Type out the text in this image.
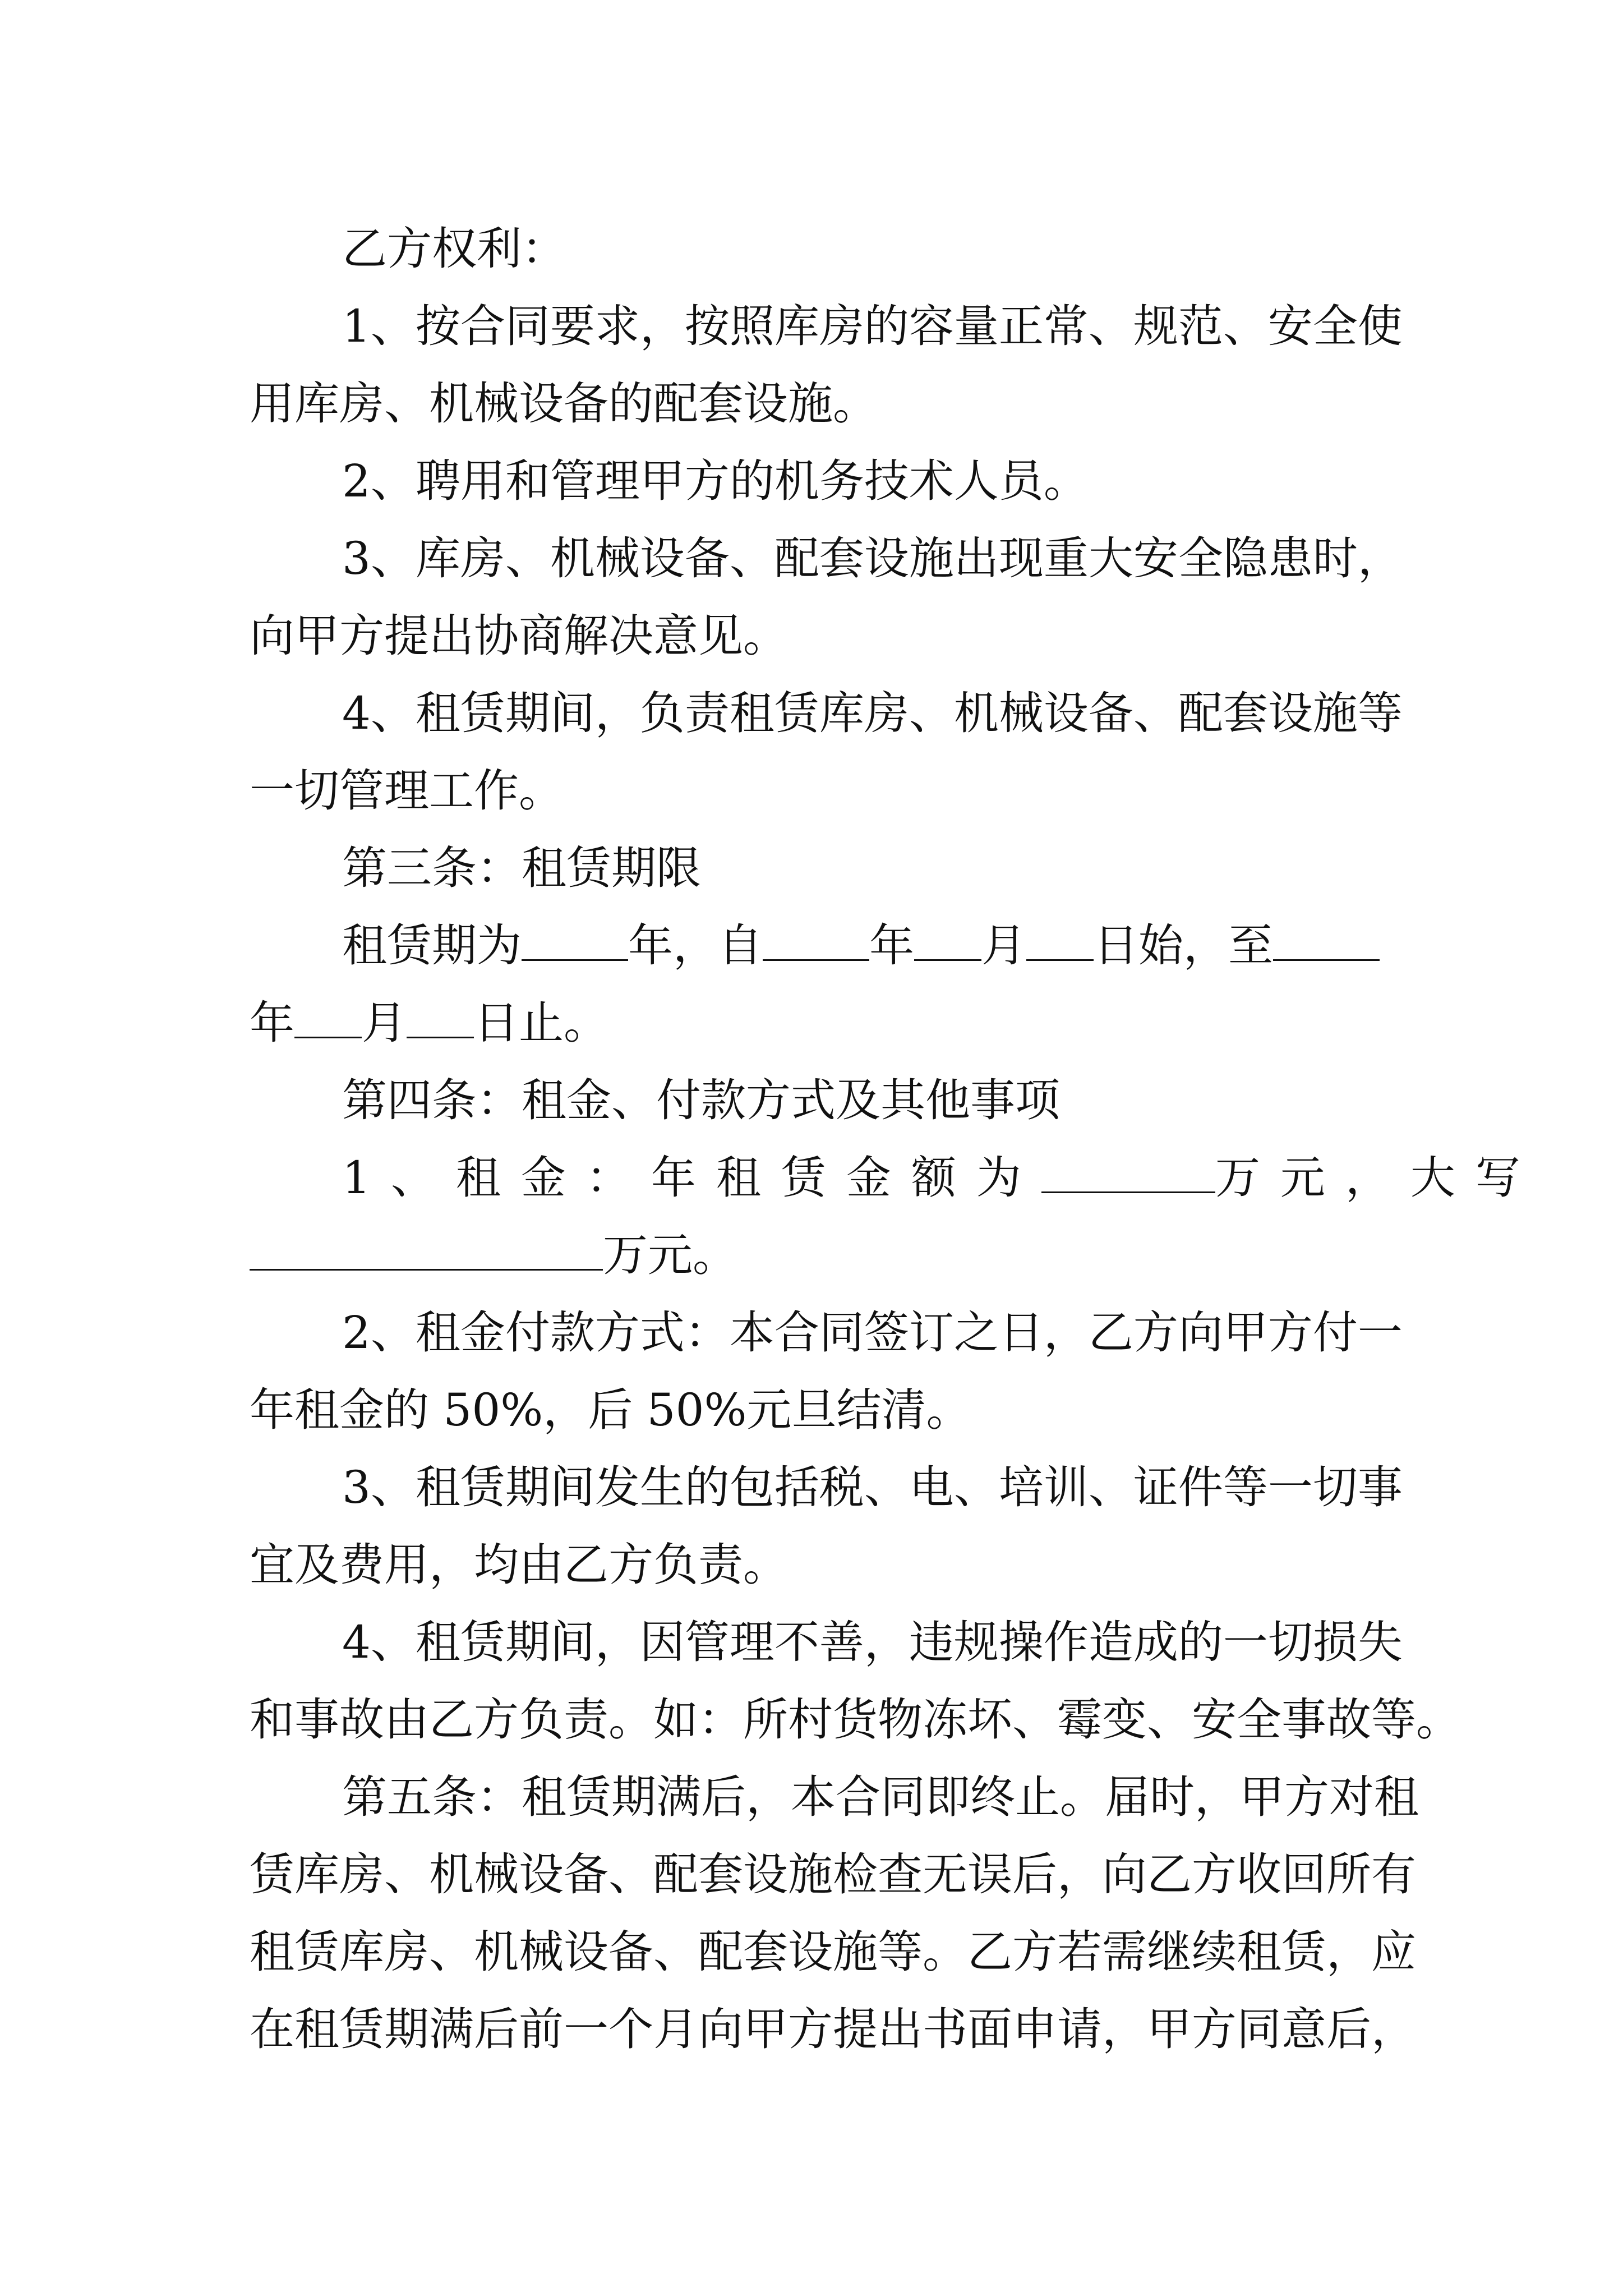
乙方权利：
1、按合同要求，按照库房的容量正常、规范、安全使
用库房、机械设备的配套设施。
2、聘用和管理甲方的机务技术人员。
3、库房、机械设备、配套设施出现重大安全隐患时，
向甲方提出协商解决意见。
4、租赁期间，负责租赁库房、机械设备、配套设施等
一切管理工作。
第三条：租赁期限
租赁期为 年，自 年 月 日始，至
年 月 日止。
第四条：租金、付款方式及其他事项
1、租金：年租赁金额为	万元，大写
万元。
2、租金付款方式：本合同签订之日，乙方向甲方付一
年租金的 50%，后 50%元旦结清。
3、租赁期间发生的包括税、电、培训、证件等一切事
宜及费用，均由乙方负责。
4、租赁期间，因管理不善，违规操作造成的一切损失
和事故由乙方负责。如：所村货物冻坏、霉变、安全事故等。
第五条：租赁期满后，本合同即终止。届时，甲方对租
赁库房、机械设备、配套设施检查无误后，向乙方收回所有
租赁库房、机械设备、配套设施等。乙方若需继续租赁，应
在租赁期满后前一个月向甲方提出书面申请，甲方同意后，
